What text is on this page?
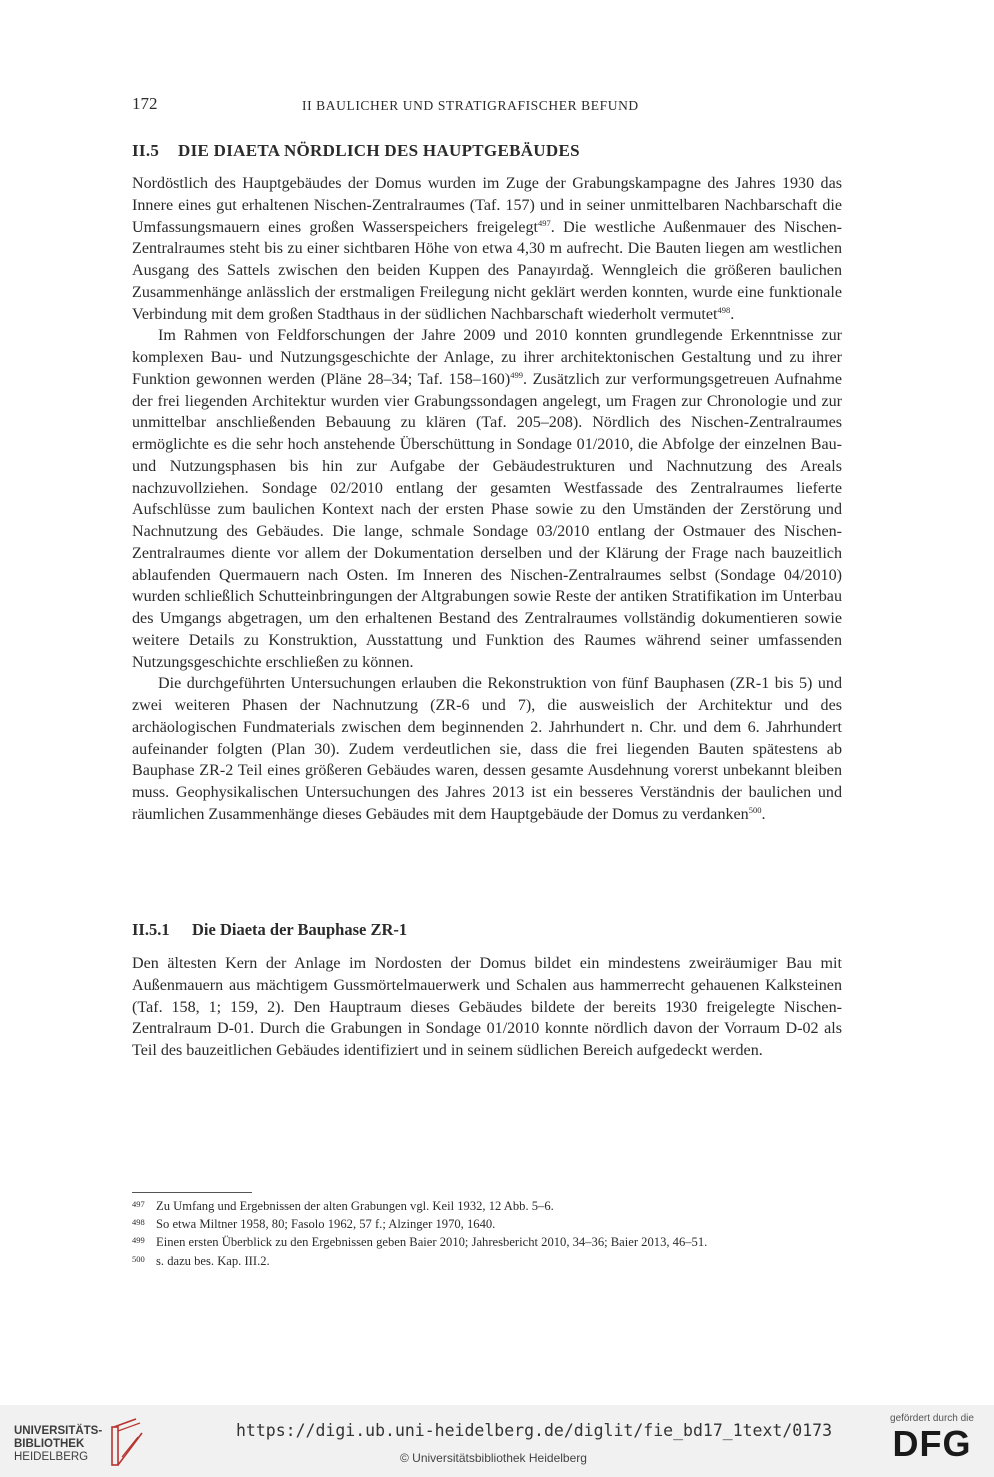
172	II BAULICHER UND STRATIGRAFISCHER BEFUND
II.5 DIE DIAETA NÖRDLICH DES HAUPTGEBÄUDES

Nordöstlich des Hauptgebäudes der Domus wurden im Zuge der Grabungskampagne des Jahres 1930 das Innere eines gut erhaltenen Nischen-Zentralraumes (Taf. 157) und in seiner unmittelbaren Nachbarschaft die Umfassungsmauern eines großen Wasserspeichers freigelegt$^{497}$. Die westliche Außenmauer des Nischen-Zentralraumes steht bis zu einer sichtbaren Höhe von etwa 4,30 m aufrecht. Die Bauten liegen am westlichen Ausgang des Sattels zwischen den beiden Kuppen des Panayırdağ. Wenngleich die größeren baulichen Zusammenhänge anlässlich der erstmaligen Freilegung nicht geklärt werden konnten, wurde eine funktionale Verbindung mit dem großen Stadthaus in der südlichen Nachbarschaft wiederholt vermutet$^{498}$.

Im Rahmen von Feldforschungen der Jahre 2009 und 2010 konnten grundlegende Erkenntnisse zur komplexen Bau- und Nutzungsgeschichte der Anlage, zu ihrer architektonischen Gestaltung und zu ihrer Funktion gewonnen werden (Pläne 28–34; Taf. 158–160)$^{499}$. Zusätzlich zur verformungsgetreuen Aufnahme der frei liegenden Architektur wurden vier Grabungssondagen angelegt, um Fragen zur Chronologie und zur unmittelbar anschließenden Bebauung zu klären (Taf. 205–208). Nördlich des Nischen-Zentralraumes ermöglichte es die sehr hoch anstehende Überschüttung in Sondage 01/2010, die Abfolge der einzelnen Bau- und Nutzungsphasen bis hin zur Aufgabe der Gebäudestrukturen und Nachnutzung des Areals nachzuvollziehen. Sondage 02/2010 entlang der gesamten Westfassade des Zentralraumes lieferte Aufschlüsse zum baulichen Kontext nach der ersten Phase sowie zu den Umständen der Zerstörung und Nachnutzung des Gebäudes. Die lange, schmale Sondage 03/2010 entlang der Ostmauer des Nischen-Zentralraumes diente vor allem der Dokumentation derselben und der Klärung der Frage nach bauzeitlich ablaufenden Quermauern nach Osten. Im Inneren des Nischen-Zentralraumes selbst (Sondage 04/2010) wurden schließlich Schutteinbringungen der Altgrabungen sowie Reste der antiken Stratifikation im Unterbau des Umgangs abgetragen, um den erhaltenen Bestand des Zentralraumes vollständig dokumentieren sowie weitere Details zu Konstruktion, Ausstattung und Funktion des Raumes während seiner umfassenden Nutzungsgeschichte erschließen zu können.

Die durchgeführten Untersuchungen erlauben die Rekonstruktion von fünf Bauphasen (ZR-1 bis 5) und zwei weiteren Phasen der Nachnutzung (ZR-6 und 7), die ausweislich der Architektur und des archäologischen Fundmaterials zwischen dem beginnenden 2. Jahrhundert n. Chr. und dem 6. Jahrhundert aufeinander folgten (Plan 30). Zudem verdeutlichen sie, dass die frei liegenden Bauten spätestens ab Bauphase ZR-2 Teil eines größeren Gebäudes waren, dessen gesamte Ausdehnung vorerst unbekannt bleiben muss. Geophysikalischen Untersuchungen des Jahres 2013 ist ein besseres Verständnis der baulichen und räumlichen Zusammenhänge dieses Gebäudes mit dem Hauptgebäude der Domus zu verdanken$^{500}$.

II.5.1 Die Diaeta der Bauphase ZR-1

Den ältesten Kern der Anlage im Nordosten der Domus bildet ein mindestens zweiräumiger Bau mit Außenmauern aus mächtigem Gussmörtelmauerwerk und Schalen aus hammerrecht gehauenen Kalksteinen (Taf. 158, 1; 159, 2). Den Hauptraum dieses Gebäudes bildete der bereits 1930 freigelegte Nischen-Zentralraum D-01. Durch die Grabungen in Sondage 01/2010 konnte nördlich davon der Vorraum D-02 als Teil des bauzeitlichen Gebäudes identifiziert und in seinem südlichen Bereich aufgedeckt werden.

497 Zu Umfang und Ergebnissen der alten Grabungen vgl. Keil 1932, 12 Abb. 5–6.
498 So etwa Miltner 1958, 80; Fasolo 1962, 57 f.; Alzinger 1970, 1640.
499 Einen ersten Überblick zu den Ergebnissen geben Baier 2010; Jahresbericht 2010, 34–36; Baier 2013, 46–51.
500 s. dazu bes. Kap. III.2.
UNIVERSITÄTS-
BIBLIOTHEK
HEIDELBERG
https://digi.ub.uni-heidelberg.de/diglit/fie_bd17_1text/0173
© Universitätsbibliothek Heidelberg
gefördert durch die
DFG
